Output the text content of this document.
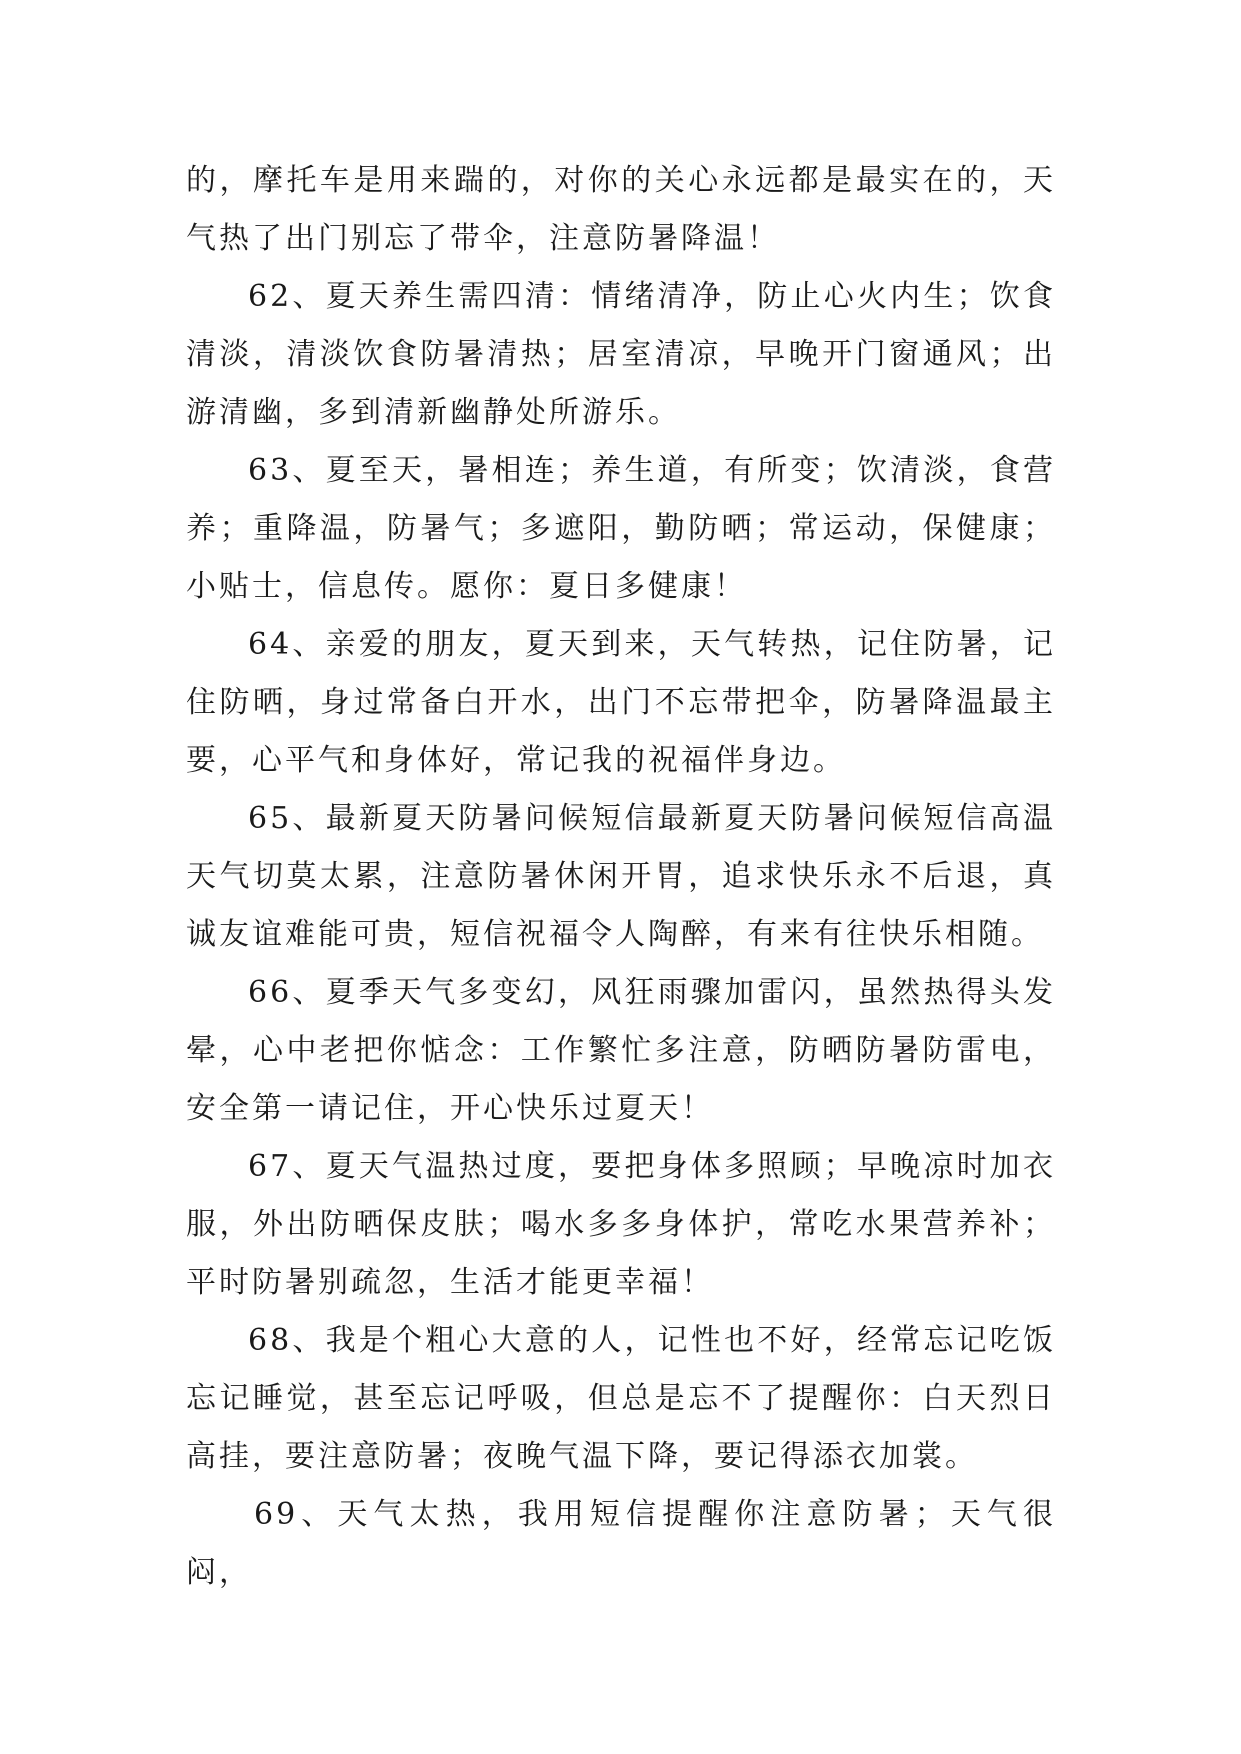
的，摩托车是用来踹的，对你的关心永远都是最实在的，天气热了出门别忘了带伞，注意防暑降温！

62、夏天养生需四清：情绪清净，防止心火内生；饮食清淡，清淡饮食防暑清热；居室清凉，早晚开门窗通风；出游清幽，多到清新幽静处所游乐。

63、夏至天，暑相连；养生道，有所变；饮清淡，食营养；重降温，防暑气；多遮阳，勤防晒；常运动，保健康；小贴士，信息传。愿你：夏日多健康！

64、亲爱的朋友，夏天到来，天气转热，记住防暑，记住防晒，身过常备白开水，出门不忘带把伞，防暑降温最主要，心平气和身体好，常记我的祝福伴身边。

65、最新夏天防暑问候短信最新夏天防暑问候短信高温天气切莫太累，注意防暑休闲开胃，追求快乐永不后退，真诚友谊难能可贵，短信祝福令人陶醉，有来有往快乐相随。

66、夏季天气多变幻，风狂雨骤加雷闪，虽然热得头发晕，心中老把你惦念：工作繁忙多注意，防晒防暑防雷电，安全第一请记住，开心快乐过夏天！

67、夏天气温热过度，要把身体多照顾；早晚凉时加衣服，外出防晒保皮肤；喝水多多身体护，常吃水果营养补；平时防暑别疏忽，生活才能更幸福！

68、我是个粗心大意的人，记性也不好，经常忘记吃饭忘记睡觉，甚至忘记呼吸，但总是忘不了提醒你：白天烈日高挂，要注意防暑；夜晚气温下降，要记得添衣加裳。

69、天气太热，我用短信提醒你注意防暑；天气很闷，
